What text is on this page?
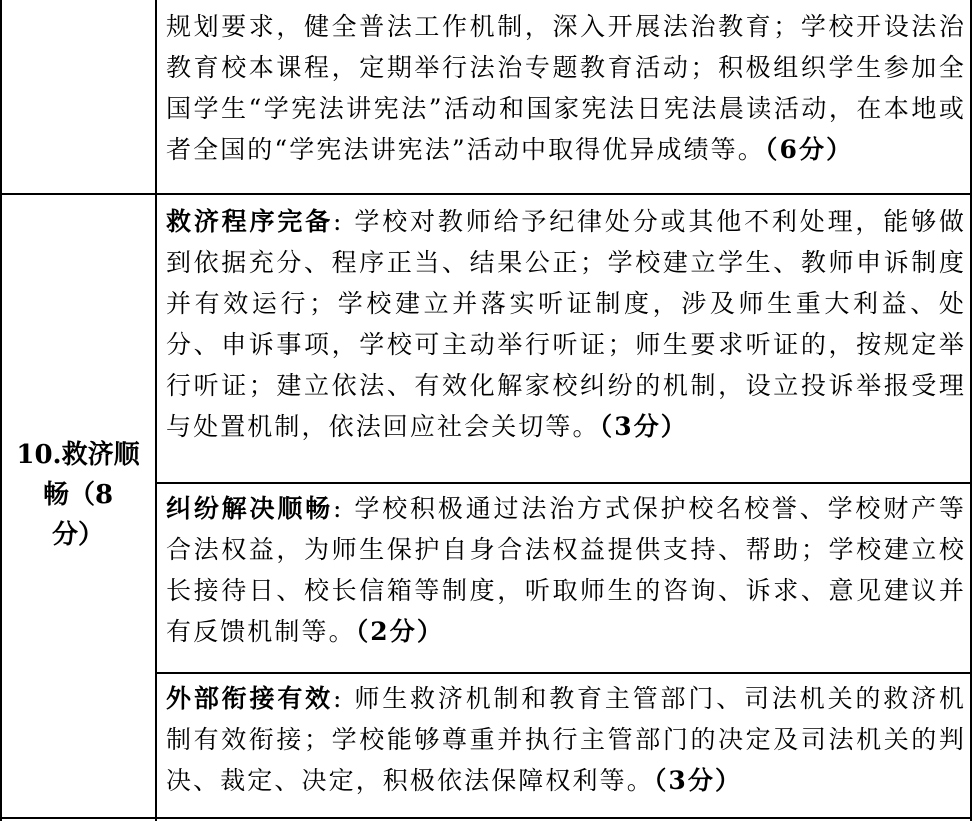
规划要求，健全普法工作机制，深入开展法治教育；学校开设法治教育校本课程，定期举行法治专题教育活动；积极组织学生参加全国学生“学宪法讲宪法”活动和国家宪法日宪法晨读活动，在本地或者全国的“学宪法讲宪法”活动中取得优异成绩等。（6分）

10.救济顺
畅（8
分）

救济程序完备: 学校对教师给予纪律处分或其他不利处理，能够做到依据充分、程序正当、结果公正；学校建立学生、教师申诉制度并有效运行；学校建立并落实听证制度，涉及师生重大利益、处分、申诉事项，学校可主动举行听证；师生要求听证的，按规定举行听证；建立依法、有效化解家校纠纷的机制，设立投诉举报受理与处置机制，依法回应社会关切等。（3分）

纠纷解决顺畅: 学校积极通过法治方式保护校名校誉、学校财产等合法权益，为师生保护自身合法权益提供支持、帮助；学校建立校长接待日、校长信箱等制度，听取师生的咨询、诉求、意见建议并有反馈机制等。（2分）

外部衔接有效: 师生救济机制和教育主管部门、司法机关的救济机制有效衔接；学校能够尊重并执行主管部门的决定及司法机关的判决、裁定、决定，积极依法保障权利等。（3分）
